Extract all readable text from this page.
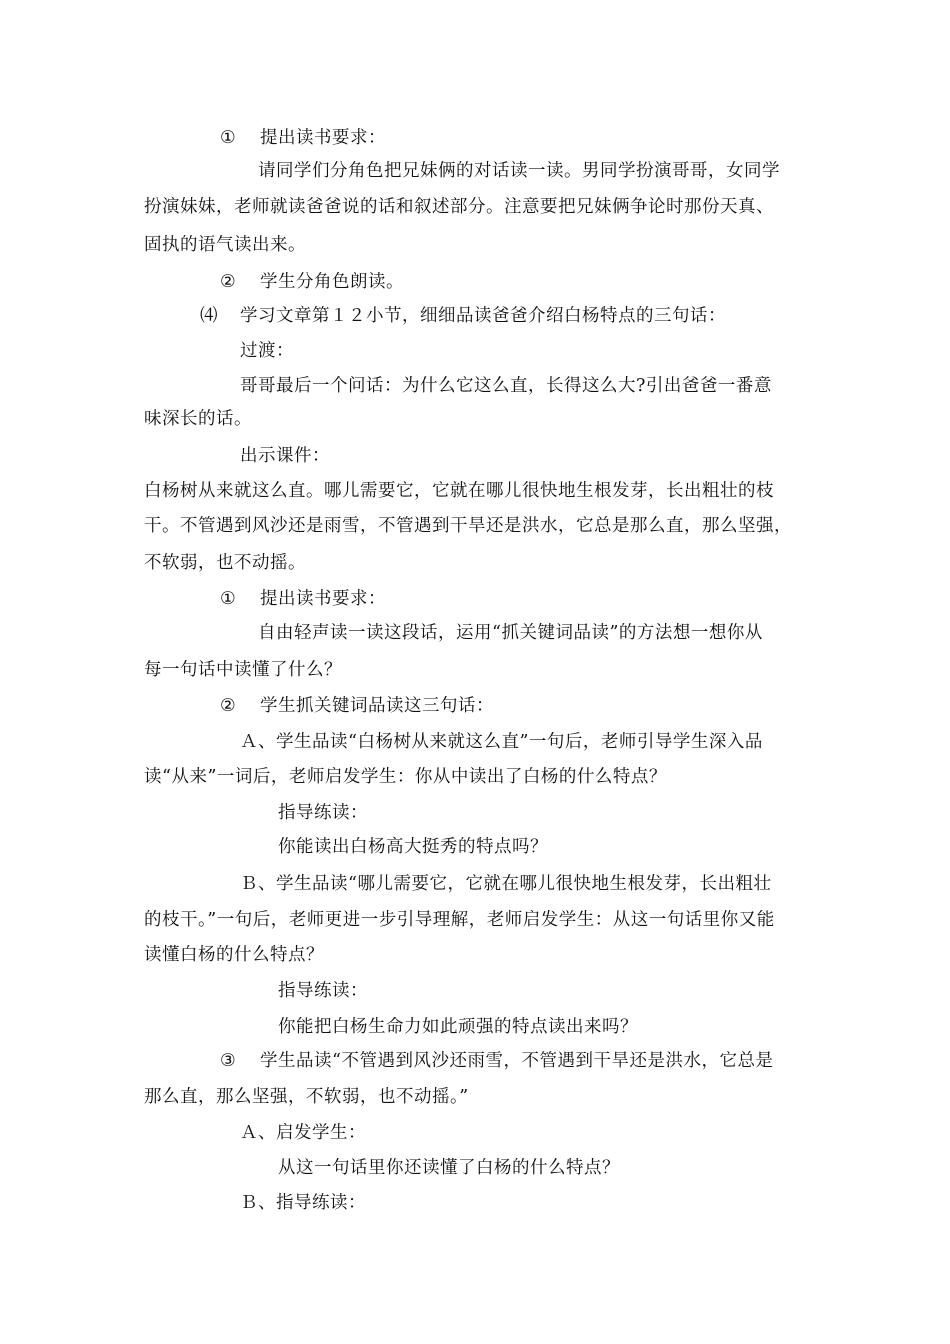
① 提出读书要求：
请同学们分角色把兄妹俩的对话读一读。男同学扮演哥哥，女同学
扮演妹妹，老师就读爸爸说的话和叙述部分。注意要把兄妹俩争论时那份天真、
固执的语气读出来。
② 学生分角色朗读。
⑷ 学习文章第１２小节，细细品读爸爸介绍白杨特点的三句话：
过渡：
哥哥最后一个问话：为什么它这么直，长得这么大?引出爸爸一番意
味深长的话。
出示课件：
白杨树从来就这么直。哪儿需要它，它就在哪儿很快地生根发芽，长出粗壮的枝
干。不管遇到风沙还是雨雪，不管遇到干旱还是洪水，它总是那么直，那么坚强，
不软弱，也不动摇。
① 提出读书要求：
自由轻声读一读这段话，运用“抓关键词品读”的方法想一想你从
每一句话中读懂了什么？
② 学生抓关键词品读这三句话：
Ａ、学生品读“白杨树从来就这么直”一句后，老师引导学生深入品
读“从来”一词后，老师启发学生：你从中读出了白杨的什么特点？
指导练读：
你能读出白杨高大挺秀的特点吗？
Ｂ、学生品读“哪儿需要它，它就在哪儿很快地生根发芽，长出粗壮
的枝干。”一句后，老师更进一步引导理解，老师启发学生：从这一句话里你又能
读懂白杨的什么特点？
指导练读：
你能把白杨生命力如此顽强的特点读出来吗？
③ 学生品读“不管遇到风沙还雨雪，不管遇到干旱还是洪水，它总是
那么直，那么坚强，不软弱，也不动摇。”
Ａ、启发学生：
从这一句话里你还读懂了白杨的什么特点？
Ｂ、指导练读：
